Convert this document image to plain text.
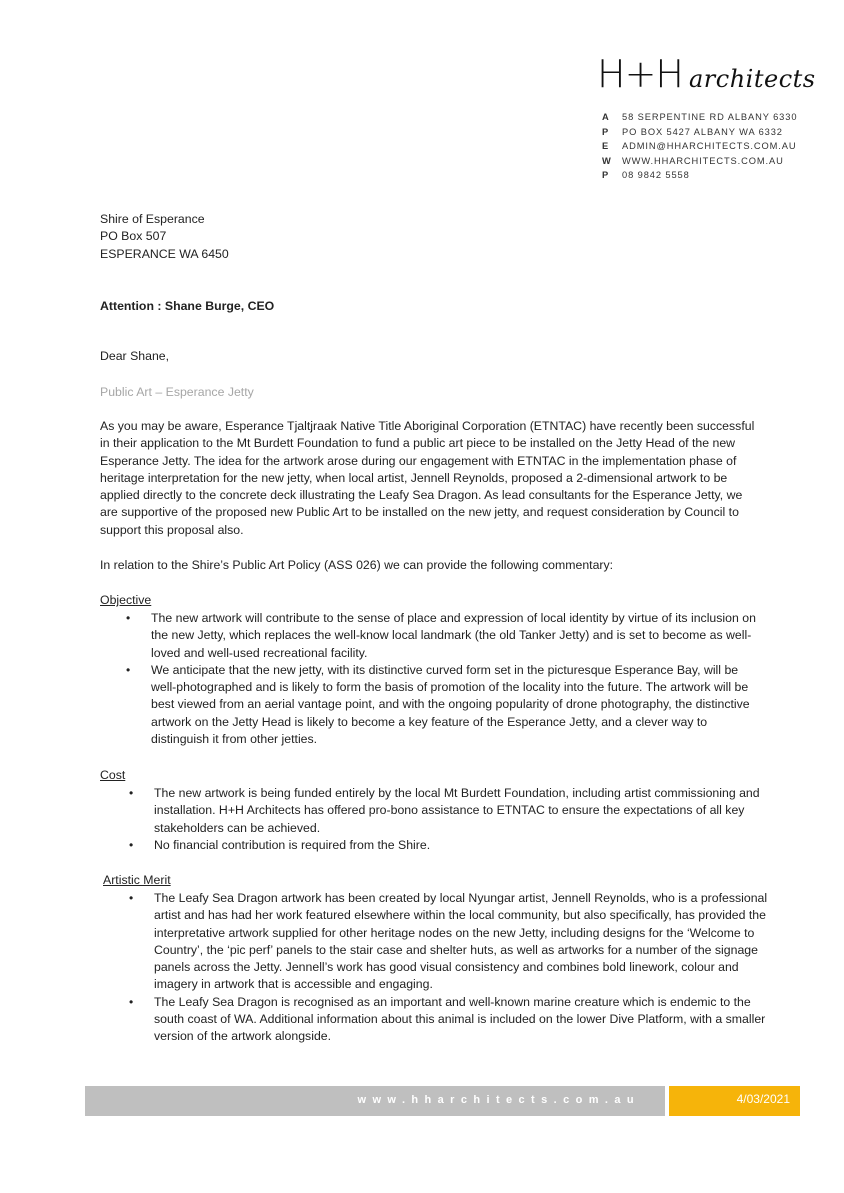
H+H architects
A 58 SERPENTINE RD ALBANY 6330
P PO BOX 5427 ALBANY WA 6332
E ADMIN@HHARCHITECTS.COM.AU
W WWW.HHARCHITECTS.COM.AU
P 08 9842 5558
Shire of Esperance
PO Box 507
ESPERANCE WA 6450
Attention : Shane Burge, CEO
Dear Shane,
Public Art – Esperance Jetty
As you may be aware, Esperance Tjaltjraak Native Title Aboriginal Corporation (ETNTAC) have recently been successful in their application to the Mt Burdett Foundation to fund a public art piece to be installed on the Jetty Head of the new Esperance Jetty. The idea for the artwork arose during our engagement with ETNTAC in the implementation phase of heritage interpretation for the new jetty, when local artist, Jennell Reynolds, proposed a 2-dimensional artwork to be applied directly to the concrete deck illustrating the Leafy Sea Dragon. As lead consultants for the Esperance Jetty, we are supportive of the proposed new Public Art to be installed on the new jetty, and request consideration by Council to support this proposal also.
In relation to the Shire’s Public Art Policy (ASS 026) we can provide the following commentary:
Objective
• The new artwork will contribute to the sense of place and expression of local identity by virtue of its inclusion on the new Jetty, which replaces the well-know local landmark (the old Tanker Jetty) and is set to become as well-loved and well-used recreational facility.
• We anticipate that the new jetty, with its distinctive curved form set in the picturesque Esperance Bay, will be well-photographed and is likely to form the basis of promotion of the locality into the future. The artwork will be best viewed from an aerial vantage point, and with the ongoing popularity of drone photography, the distinctive artwork on the Jetty Head is likely to become a key feature of the Esperance Jetty, and a clever way to distinguish it from other jetties.
Cost
• The new artwork is being funded entirely by the local Mt Burdett Foundation, including artist commissioning and installation. H+H Architects has offered pro-bono assistance to ETNTAC to ensure the expectations of all key stakeholders can be achieved.
• No financial contribution is required from the Shire.
Artistic Merit
• The Leafy Sea Dragon artwork has been created by local Nyungar artist, Jennell Reynolds, who is a professional artist and has had her work featured elsewhere within the local community, but also specifically, has provided the interpretative artwork supplied for other heritage nodes on the new Jetty, including designs for the ‘Welcome to Country’, the ‘pic perf’ panels to the stair case and shelter huts, as well as artworks for a number of the signage panels across the Jetty. Jennell’s work has good visual consistency and combines bold linework, colour and imagery in artwork that is accessible and engaging.
• The Leafy Sea Dragon is recognised as an important and well-known marine creature which is endemic to the south coast of WA. Additional information about this animal is included on the lower Dive Platform, with a smaller version of the artwork alongside.
www.hharchitects.com.au	4/03/2021
